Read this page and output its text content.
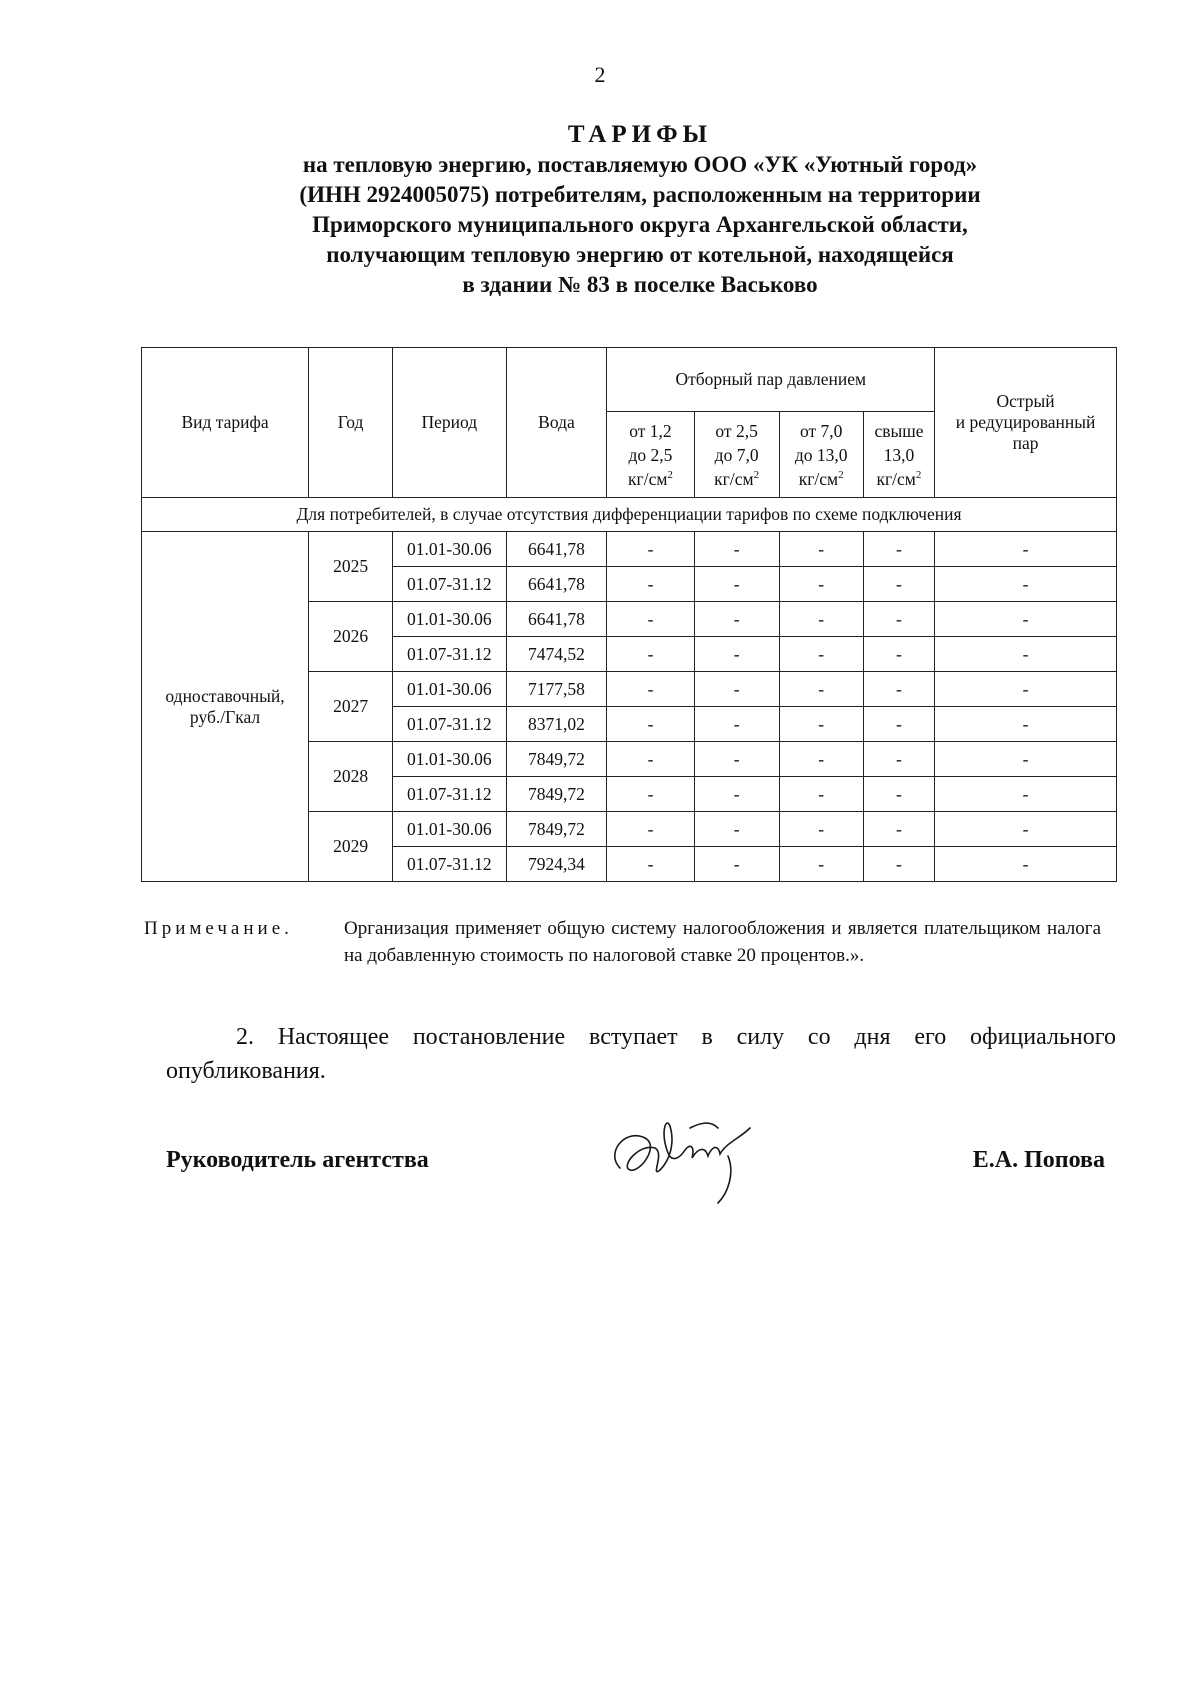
2
ТАРИФЫ
на тепловую энергию, поставляемую ООО «УК «Уютный город»
(ИНН 2924005075) потребителям, расположенным на территории
Приморского муниципального округа Архангельской области,
получающим тепловую энергию от котельной, находящейся
в здании № 83 в поселке Васьково
Вид тарифа	Год	Период	Вода	Отборный пар давлением				Острый
и редуцированный
пар
				от 1,2
до 2,5
$кг/см^2$	от 2,5
до 7,0
$кг/см^2$	от 7,0
до 13,0
$кг/см^2$	свыше
13,0
$кг/см^2$
Для потребителей, в случае отсутствия дифференциации тарифов по схеме подключения								
одноставочный,
руб./Гкал	2025	01.01-30.06	6641,78	-	-	-	-	-
		01.07-31.12	6641,78	-	-	-	-	-
	2026	01.01-30.06	6641,78	-	-	-	-	-
		01.07-31.12	7474,52	-	-	-	-	-
	2027	01.01-30.06	7177,58	-	-	-	-	-
		01.07-31.12	8371,02	-	-	-	-	-
	2028	01.01-30.06	7849,72	-	-	-	-	-
		01.07-31.12	7849,72	-	-	-	-	-
	2029	01.01-30.06	7849,72	-	-	-	-	-
		01.07-31.12	7924,34	-	-	-	-	-
Примечание.	Организация применяет общую систему налогообложения и является плательщиком налога на добавленную стоимость по налоговой ставке 20 процентов.».
2. Настоящее постановление вступает в силу со дня его официального опубликования.
Руководитель агентства	Е.А. Попова
